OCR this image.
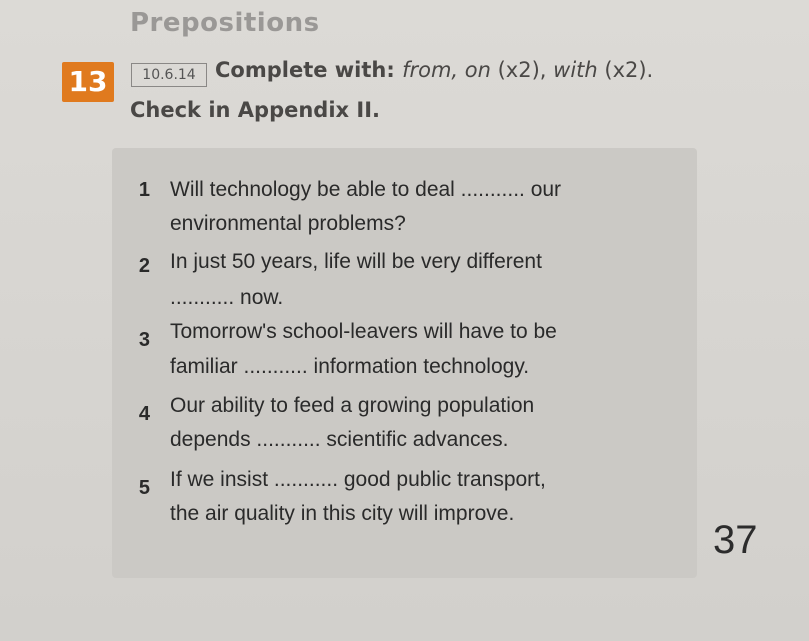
Prepositions
13	10.6.14 Complete with: from, on (x2), with (x2).
Check in Appendix II.
1 Will technology be able to deal ........... our
environmental problems?
2 In just 50 years, life will be very different
........... now.
3 Tomorrow's school-leavers will have to be
familiar ........... information technology.
4 Our ability to feed a growing population
depends ........... scientific advances.
5 If we insist ........... good public transport,
the air quality in this city will improve.
37
